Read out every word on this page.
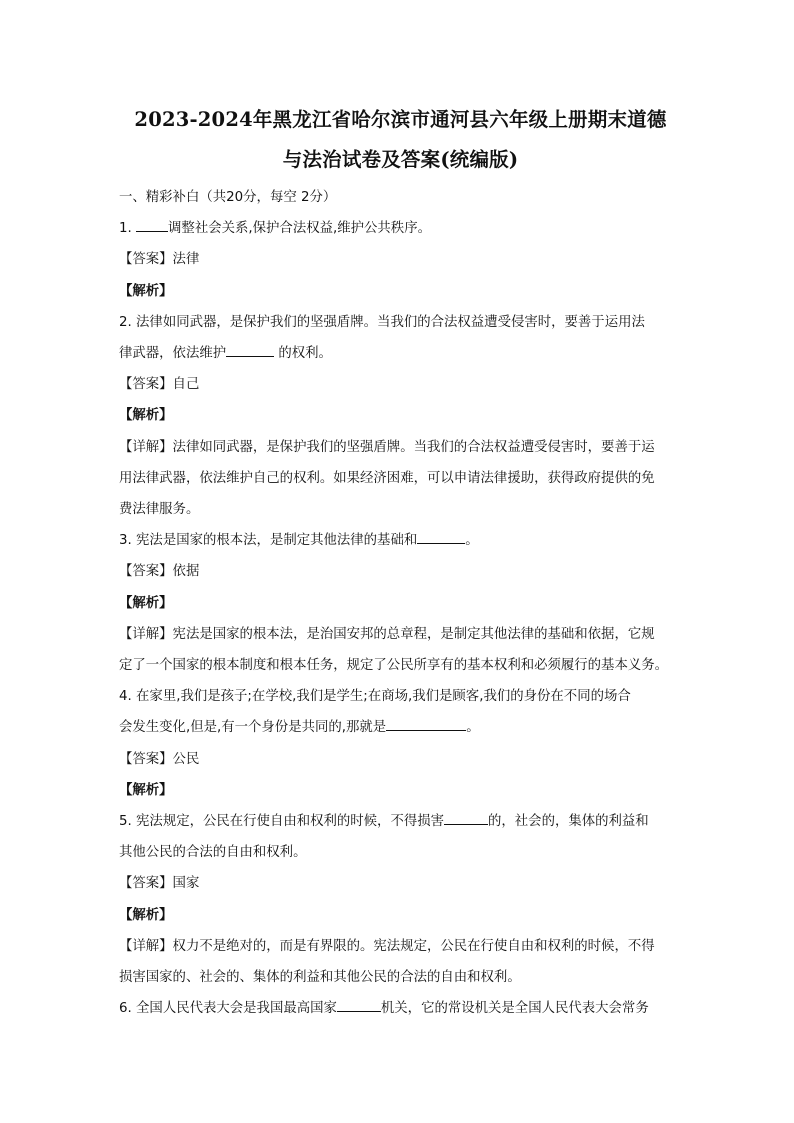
2023-2024年黑龙江省哈尔滨市通河县六年级上册期末道德
与法治试卷及答案(统编版)

一、精彩补白（共20分，每空 2分）

1. 调整社会关系,保护合法权益,维护公共秩序。

【答案】法律

【解析】

2. 法律如同武器，是保护我们的坚强盾牌。当我们的合法权益遭受侵害时，要善于运用法

律武器，依法维护	的权利。

【答案】自己

【解析】

【详解】法律如同武器，是保护我们的坚强盾牌。当我们的合法权益遭受侵害时，要善于运

用法律武器，依法维护自己的权利。如果经济困难，可以申请法律援助，获得政府提供的免

费法律服务。

3. 宪法是国家的根本法，是制定其他法律的基础和	。

【答案】依据

【解析】

【详解】宪法是国家的根本法，是治国安邦的总章程，是制定其他法律的基础和依据，它规

定了一个国家的根本制度和根本任务，规定了公民所享有的基本权利和必须履行的基本义务。

4. 在家里,我们是孩子;在学校,我们是学生;在商场,我们是顾客,我们的身份在不同的场合

会发生变化,但是,有一个身份是共同的,那就是	。

【答案】公民

【解析】

5. 宪法规定，公民在行使自由和权利的时候，不得损害	的，社会的，集体的利益和

其他公民的合法的自由和权利。

【答案】国家

【解析】

【详解】权力不是绝对的，而是有界限的。宪法规定，公民在行使自由和权利的时候，不得

损害国家的、社会的、集体的利益和其他公民的合法的自由和权利。

6. 全国人民代表大会是我国最高国家	机关，它的常设机关是全国人民代表大会常务
